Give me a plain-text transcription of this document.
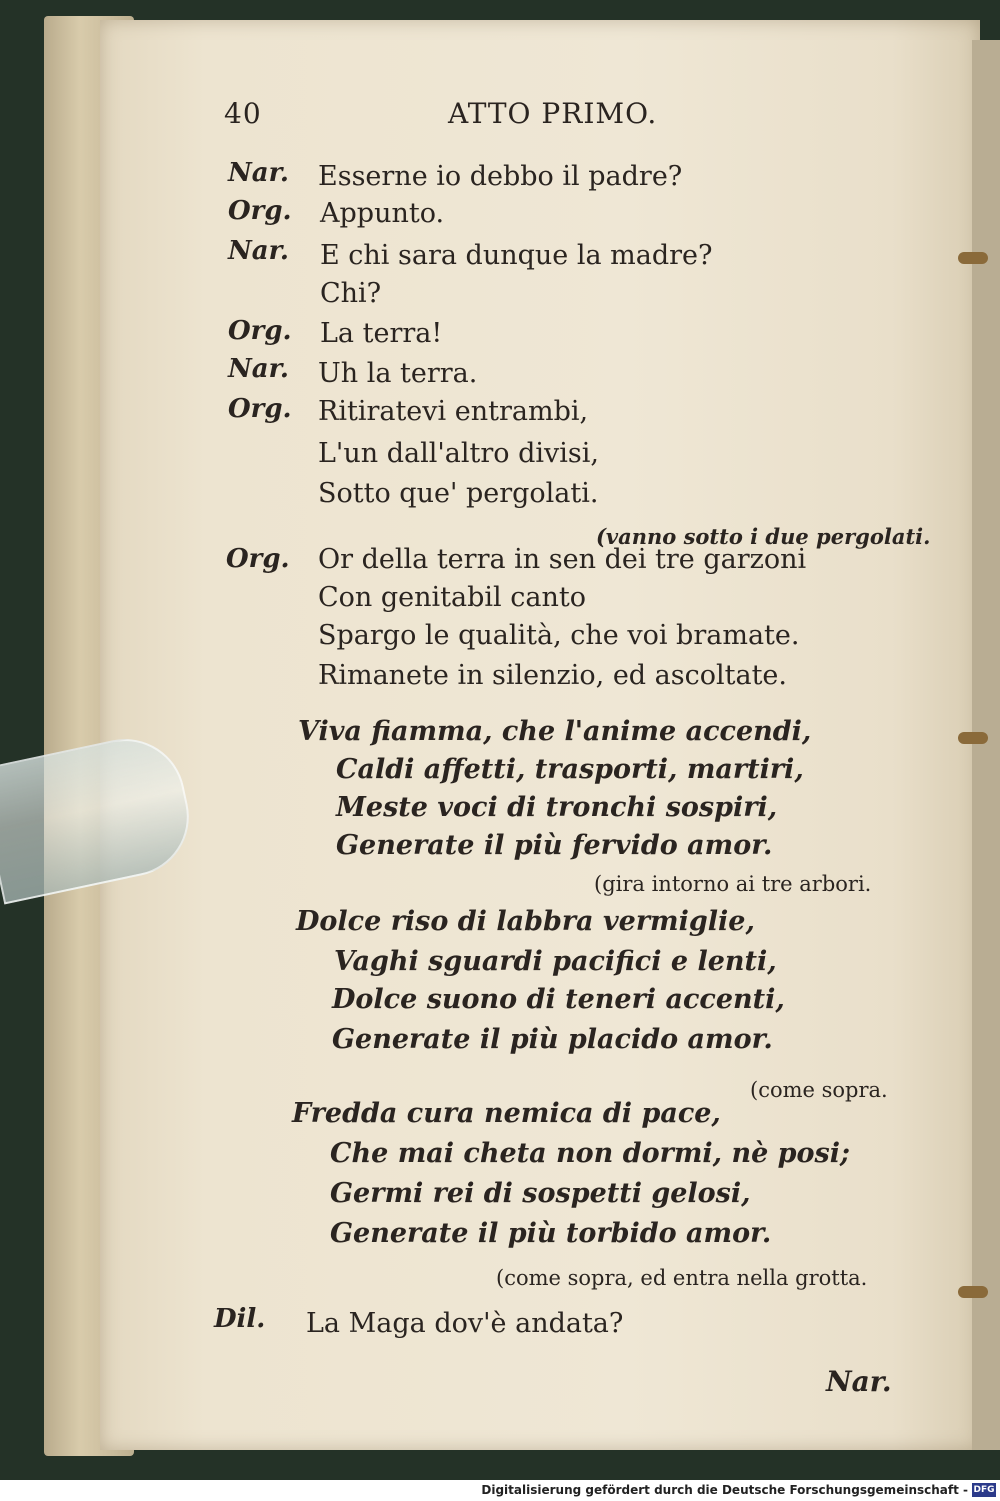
40	ATTO PRIMO.
Nar. Esserne io debbo il padre?
Org. Appunto.
Nar. E chi sara dunque la madre?
Chi?
Org. La terra!
Nar. Uh la terra.
Org. Ritiratevi entrambi,
L'un dall'altro divisi,
Sotto que' pergolati.
(vanno sotto i due pergolati.
Org. Or della terra in sen dei tre garzoni
Con genitabil canto
Spargo le qualità, che voi bramate.
Rimanete in silenzio, ed ascoltate.
Viva fiamma, che l'anime accendi,
Caldi affetti, trasporti, martiri,
Meste voci di tronchi sospiri,
Generate il più fervido amor.
(gira intorno ai tre arbori.
Dolce riso di labbra vermiglie,
Vaghi sguardi pacifici e lenti,
Dolce suono di teneri accenti,
Generate il più placido amor.
(come sopra.
Fredda cura nemica di pace,
Che mai cheta non dormi, nè posi;
Germi rei di sospetti gelosi,
Generate il più torbido amor.
(come sopra, ed entra nella grotta.
Dil. La Maga dov'è andata?
Nar.
Digitalisierung gefördert durch die Deutsche Forschungsgemeinschaft - DFG
